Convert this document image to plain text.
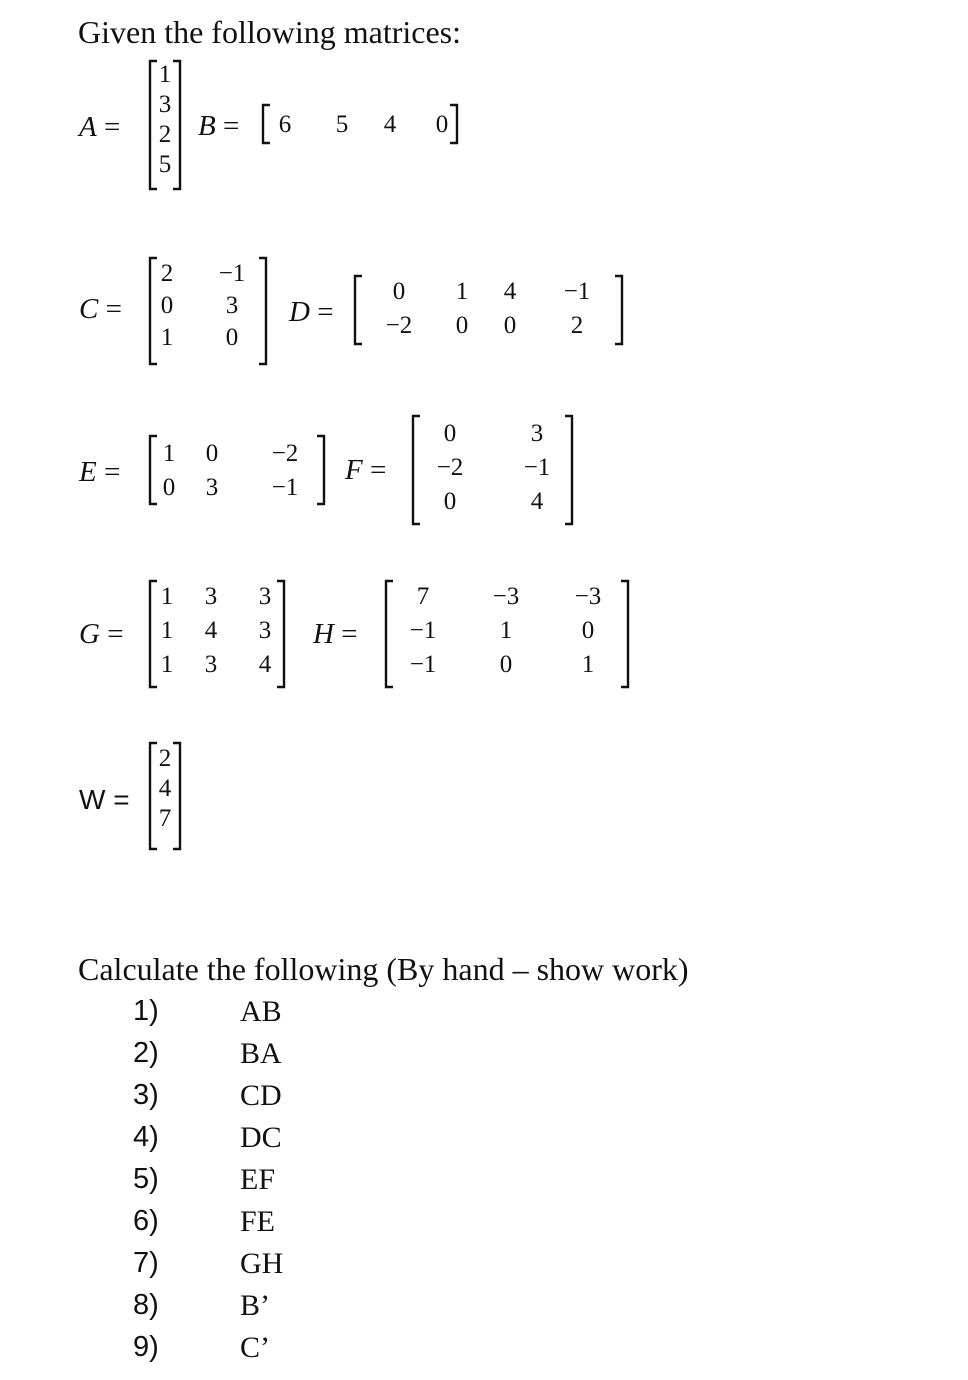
Given the following matrices:
A =
1
3
2
5
B = 6 5 4 0
C =
2 −1
0 3
1 0
D =
0 1 4 −1
−2 0 0 2
E =
1 0 −2
0 3 −1
F =
0	3
−2 −1
0	4
G =
1 3 3
1 4 3
1 3 4
H =
7	−3 −3
−1	1	0
−1	0	1
W =
2
4
7
Calculate the following (By hand – show work)
1)	AB
2)	BA
3)	CD
4)	DC
5)	EF
6)	FE
7)	GH
8)	B’
9)	C’
